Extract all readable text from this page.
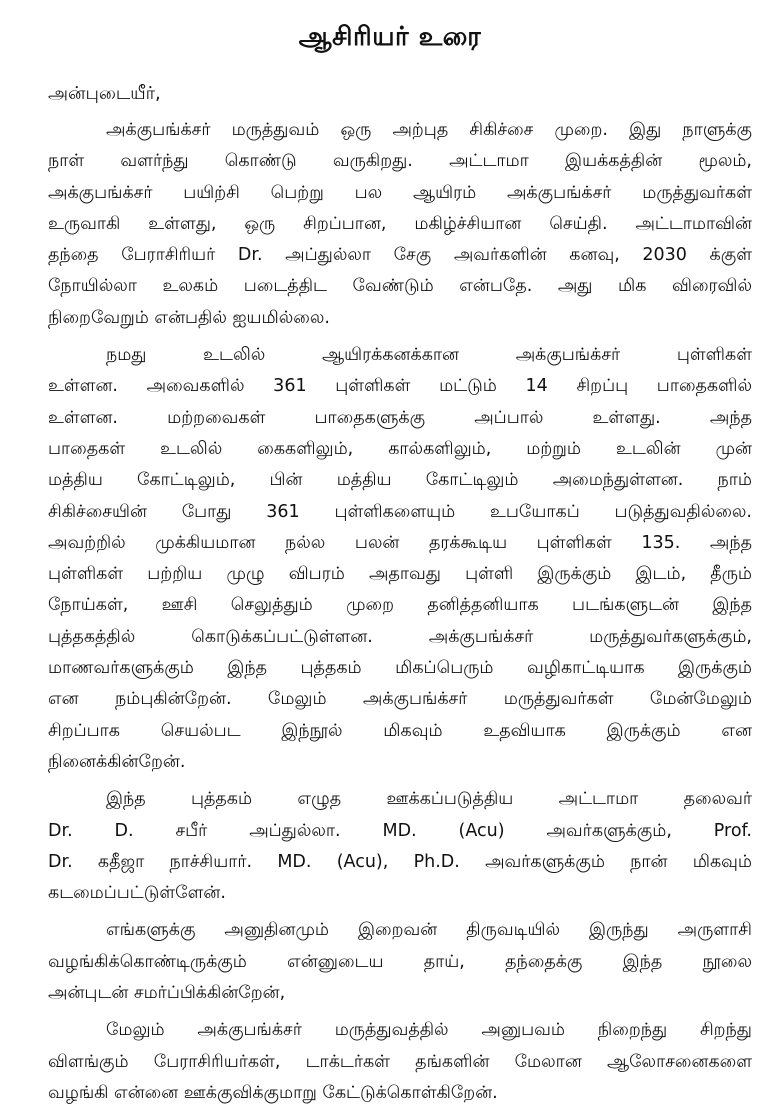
ஆசிரியர் உரை
அன்புடையீர்,
அக்குபங்க்சர் மருத்துவம் ஒரு அற்புத சிகிச்சை முறை. இது நாளுக்கு
நாள் வளர்ந்து கொண்டு வருகிறது. அட்டாமா இயக்கத்தின் மூலம்,
அக்குபங்க்சர் பயிற்சி பெற்று பல ஆயிரம் அக்குபங்க்சர் மருத்துவர்கள்
உருவாகி உள்ளது, ஒரு சிறப்பான, மகிழ்ச்சியான செய்தி. அட்டாமாவின்
தந்தை பேராசிரியர் Dr. அப்துல்லா சேகு அவர்களின் கனவு, 2030 க்குள்
நோயில்லா உலகம் படைத்திட வேண்டும் என்பதே. அது மிக விரைவில்
நிறைவேறும் என்பதில் ஐயமில்லை.
நமது உடலில் ஆயிரக்கனக்கான அக்குபங்க்சர் புள்ளிகள்
உள்ளன. அவைகளில் 361 புள்ளிகள் மட்டும் 14 சிறப்பு பாதைகளில்
உள்ளன. மற்றவைகள் பாதைகளுக்கு அப்பால் உள்ளது. அந்த
பாதைகள் உடலில் கைகளிலும், கால்களிலும், மற்றும் உடலின் முன்
மத்திய கோட்டிலும், பின் மத்திய கோட்டிலும் அமைந்துள்ளன. நாம்
சிகிச்சையின் போது 361 புள்ளிகளையும் உபயோகப் படுத்துவதில்லை.
அவற்றில் முக்கியமான நல்ல பலன் தரக்கூடிய புள்ளிகள் 135. அந்த
புள்ளிகள் பற்றிய முழு விபரம் அதாவது புள்ளி இருக்கும் இடம், தீரும்
நோய்கள், ஊசி செலுத்தும் முறை தனித்தனியாக படங்களுடன் இந்த
புத்தகத்தில் கொடுக்கப்பட்டுள்ளன. அக்குபங்க்சர் மருத்துவர்களுக்கும்,
மாணவர்களுக்கும் இந்த புத்தகம் மிகப்பெரும் வழிகாட்டியாக இருக்கும்
என நம்புகின்றேன். மேலும் அக்குபங்க்சர் மருத்துவர்கள் மேன்மேலும்
சிறப்பாக செயல்பட இந்நூல் மிகவும் உதவியாக இருக்கும் என
நினைக்கின்றேன்.
இந்த புத்தகம் எழுத ஊக்கப்படுத்திய அட்டாமா தலைவர்
Dr. D. சபீர் அப்துல்லா. MD. (Acu) அவர்களுக்கும், Prof.
Dr. கதீஜா நாச்சியார். MD. (Acu), Ph.D. அவர்களுக்கும் நான் மிகவும்
கடமைப்பட்டுள்ளேன்.
எங்களுக்கு அனுதினமும் இறைவன் திருவடியில் இருந்து அருளாசி
வழங்கிக்கொண்டிருக்கும் என்னுடைய தாய், தந்தைக்கு இந்த நூலை
அன்புடன் சமர்ப்பிக்கின்றேன்,
மேலும் அக்குபங்க்சர் மருத்துவத்தில் அனுபவம் நிறைந்து சிறந்து
விளங்கும் பேராசிரியர்கள், டாக்டர்கள் தங்களின் மேலான ஆலோசனைகளை
வழங்கி என்னை ஊக்குவிக்குமாறு கேட்டுக்கொள்கிறேன்.
